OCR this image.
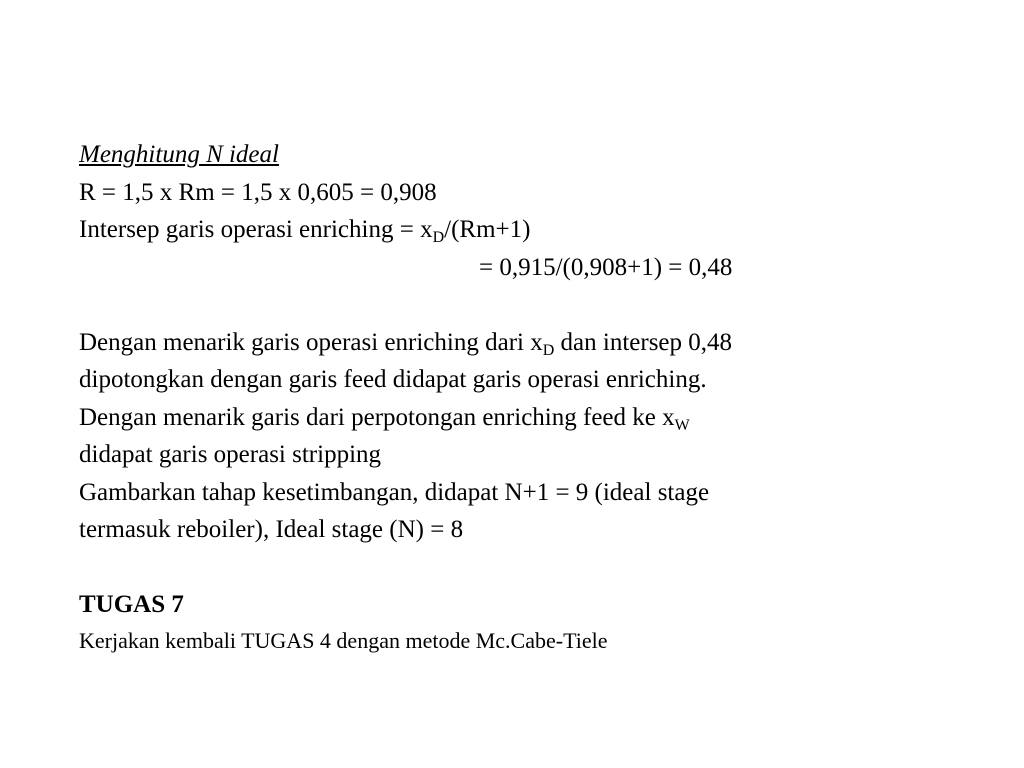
Menghitung N ideal
R = 1,5 x Rm = 1,5 x 0,605 = 0,908
Intersep garis operasi enriching = $x_D/(Rm+1)$
= 0,915/(0,908+1) = 0,48
Dengan menarik garis operasi enriching dari $x_D$ dan intersep 0,48
dipotongkan dengan garis feed didapat garis operasi enriching.
Dengan menarik garis dari perpotongan enriching feed ke $x_W$
didapat garis operasi stripping
Gambarkan tahap kesetimbangan, didapat N+1 = 9 (ideal stage
termasuk reboiler), Ideal stage (N) = 8
TUGAS 7
Kerjakan kembali TUGAS 4 dengan metode Mc.Cabe-Tiele
